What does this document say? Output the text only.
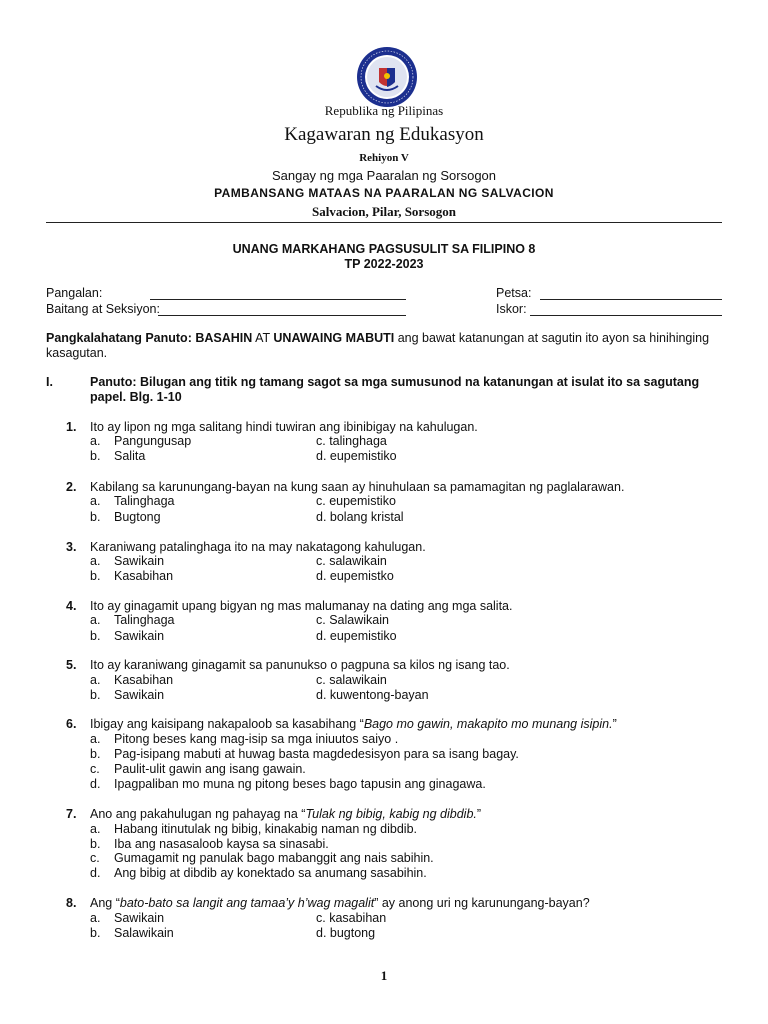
Republika ng Pilipinas
Kagawaran ng Edukasyon
Rehiyon V
Sangay ng mga Paaralan ng Sorsogon
PAMBANSANG MATAAS NA PAARALAN NG SALVACION
Salvacion, Pilar, Sorsogon
UNANG MARKAHANG PAGSUSULIT SA FILIPINO 8
TP 2022-2023
Pangalan:
Baitang at Seksiyon:
Petsa:
Iskor:
Pangkalahatang Panuto: BASAHIN AT UNAWAING MABUTI ang bawat katanungan at sagutin ito ayon sa hinihinging
kasagutan.
I.	Panuto: Bilugan ang titik ng tamang sagot sa mga sumusunod na katanungan at isulat ito sa sagutang
papel. Blg. 1-10
1. Ito ay lipon ng mga salitang hindi tuwiran ang ibinibigay na kahulugan.
a. Pangungusap	c. talinghaga
b. Salita	d. eupemistiko
2. Kabilang sa karunungang-bayan na kung saan ay hinuhulaan sa pamamagitan ng paglalarawan.
a. Talinghaga	c. eupemistiko
b. Bugtong	d. bolang kristal
3. Karaniwang patalinghaga ito na may nakatagong kahulugan.
a. Sawikain	c. salawikain
b. Kasabihan	d. eupemistko
4. Ito ay ginagamit upang bigyan ng mas malumanay na dating ang mga salita.
a. Talinghaga	c. Salawikain
b. Sawikain	d. eupemistiko
5. Ito ay karaniwang ginagamit sa panunukso o pagpuna sa kilos ng isang tao.
a. Kasabihan	c. salawikain
b. Sawikain	d. kuwentong-bayan
6. Ibigay ang kaisipang nakapaloob sa kasabihang “Bago mo gawin, makapito mo munang isipin.”
a. Pitong beses kang mag-isip sa mga iniuutos saiyo .
b. Pag-isipang mabuti at huwag basta magdedesisyon para sa isang bagay.
c. Paulit-ulit gawin ang isang gawain.
d. Ipagpaliban mo muna ng pitong beses bago tapusin ang ginagawa.
7. Ano ang pakahulugan ng pahayag na “Tulak ng bibig, kabig ng dibdib.”
a. Habang itinutulak ng bibig, kinakabig naman ng dibdib.
b. Iba ang nasasaloob kaysa sa sinasabi.
c. Gumagamit ng panulak bago mabanggit ang nais sabihin.
d. Ang bibig at dibdib ay konektado sa anumang sasabihin.
8. Ang “bato-bato sa langit ang tamaa’y h’wag magalit” ay anong uri ng karunungang-bayan?
a. Sawikain	c. kasabihan
b. Salawikain	d. bugtong
1
